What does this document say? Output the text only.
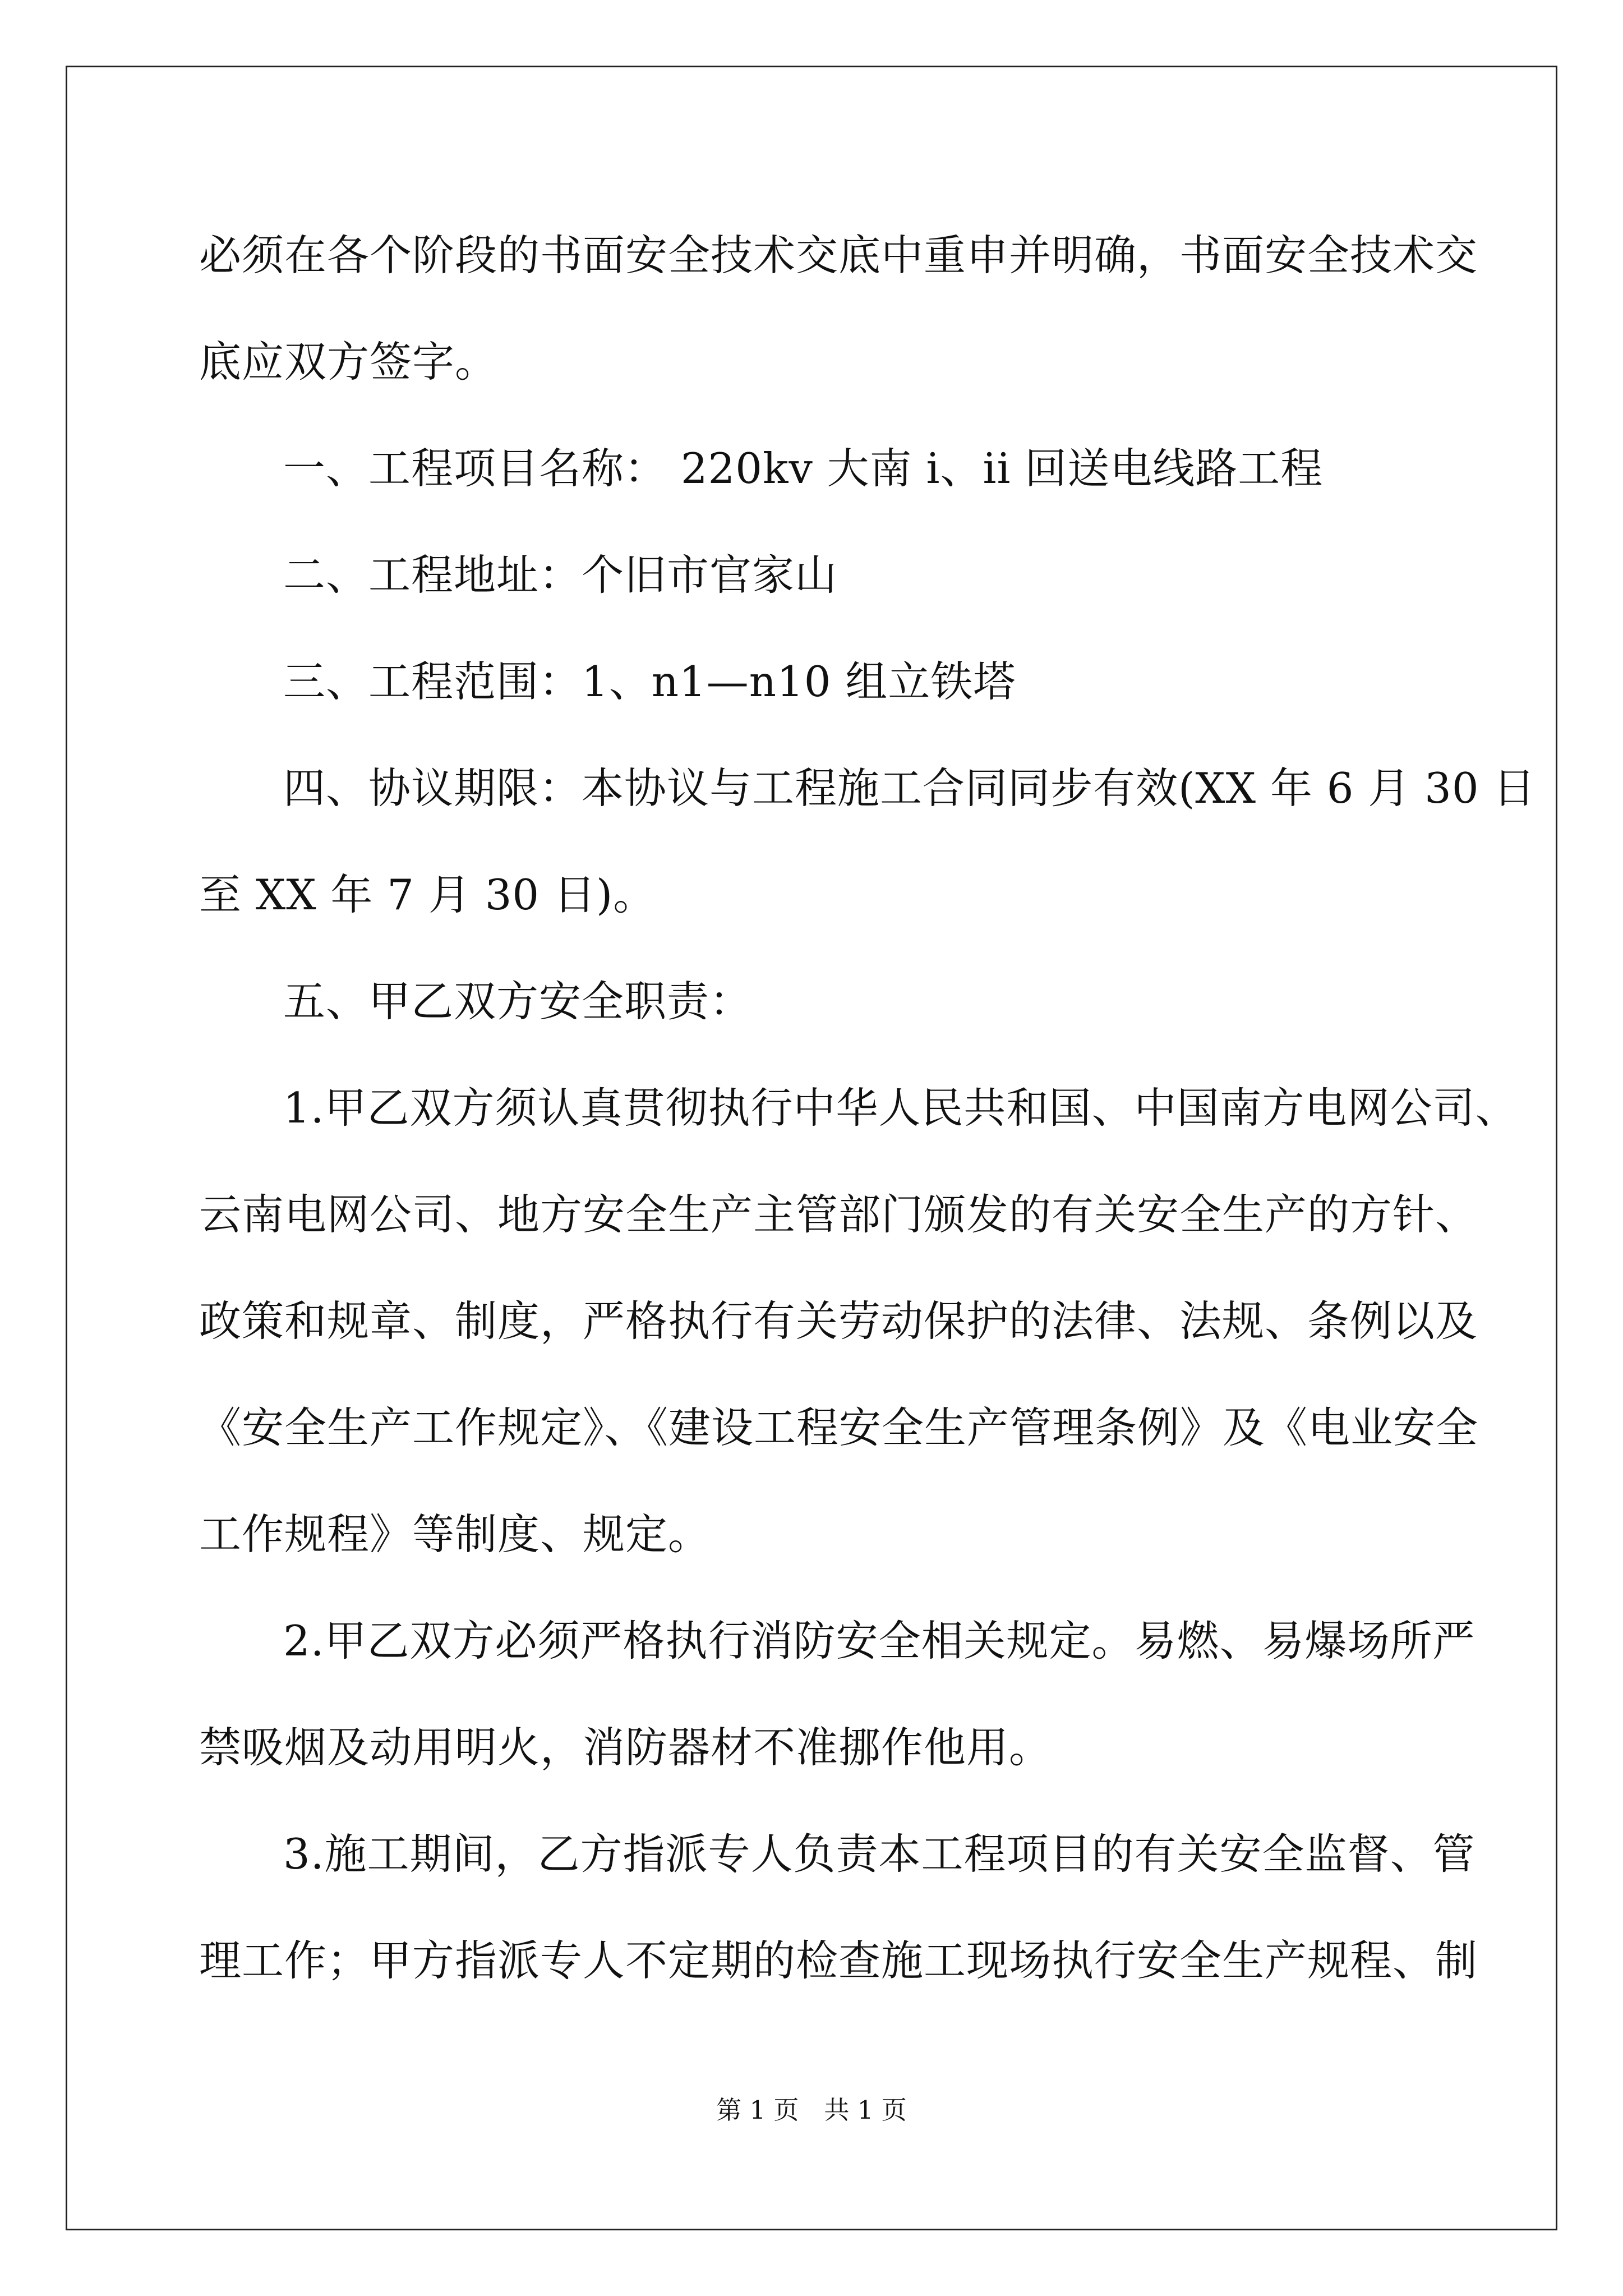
必须在各个阶段的书面安全技术交底中重申并明确，书面安全技术交
底应双方签字。
一、工程项目名称： 220kv 大南 i、ii 回送电线路工程
二、工程地址：个旧市官家山
三、工程范围：1、n1—n10 组立铁塔
四、协议期限：本协议与工程施工合同同步有效(XX 年 6 月 30 日
至 XX 年 7 月 30 日)。
五、甲乙双方安全职责：
1.甲乙双方须认真贯彻执行中华人民共和国、中国南方电网公司、
云南电网公司、地方安全生产主管部门颁发的有关安全生产的方针、
政策和规章、制度，严格执行有关劳动保护的法律、法规、条例以及
《安全生产工作规定》、《建设工程安全生产管理条例》及《电业安全
工作规程》等制度、规定。
2.甲乙双方必须严格执行消防安全相关规定。易燃、易爆场所严
禁吸烟及动用明火，消防器材不准挪作他用。
3.施工期间，乙方指派专人负责本工程项目的有关安全监督、管
理工作；甲方指派专人不定期的检查施工现场执行安全生产规程、制
第 1 页　共 1 页
